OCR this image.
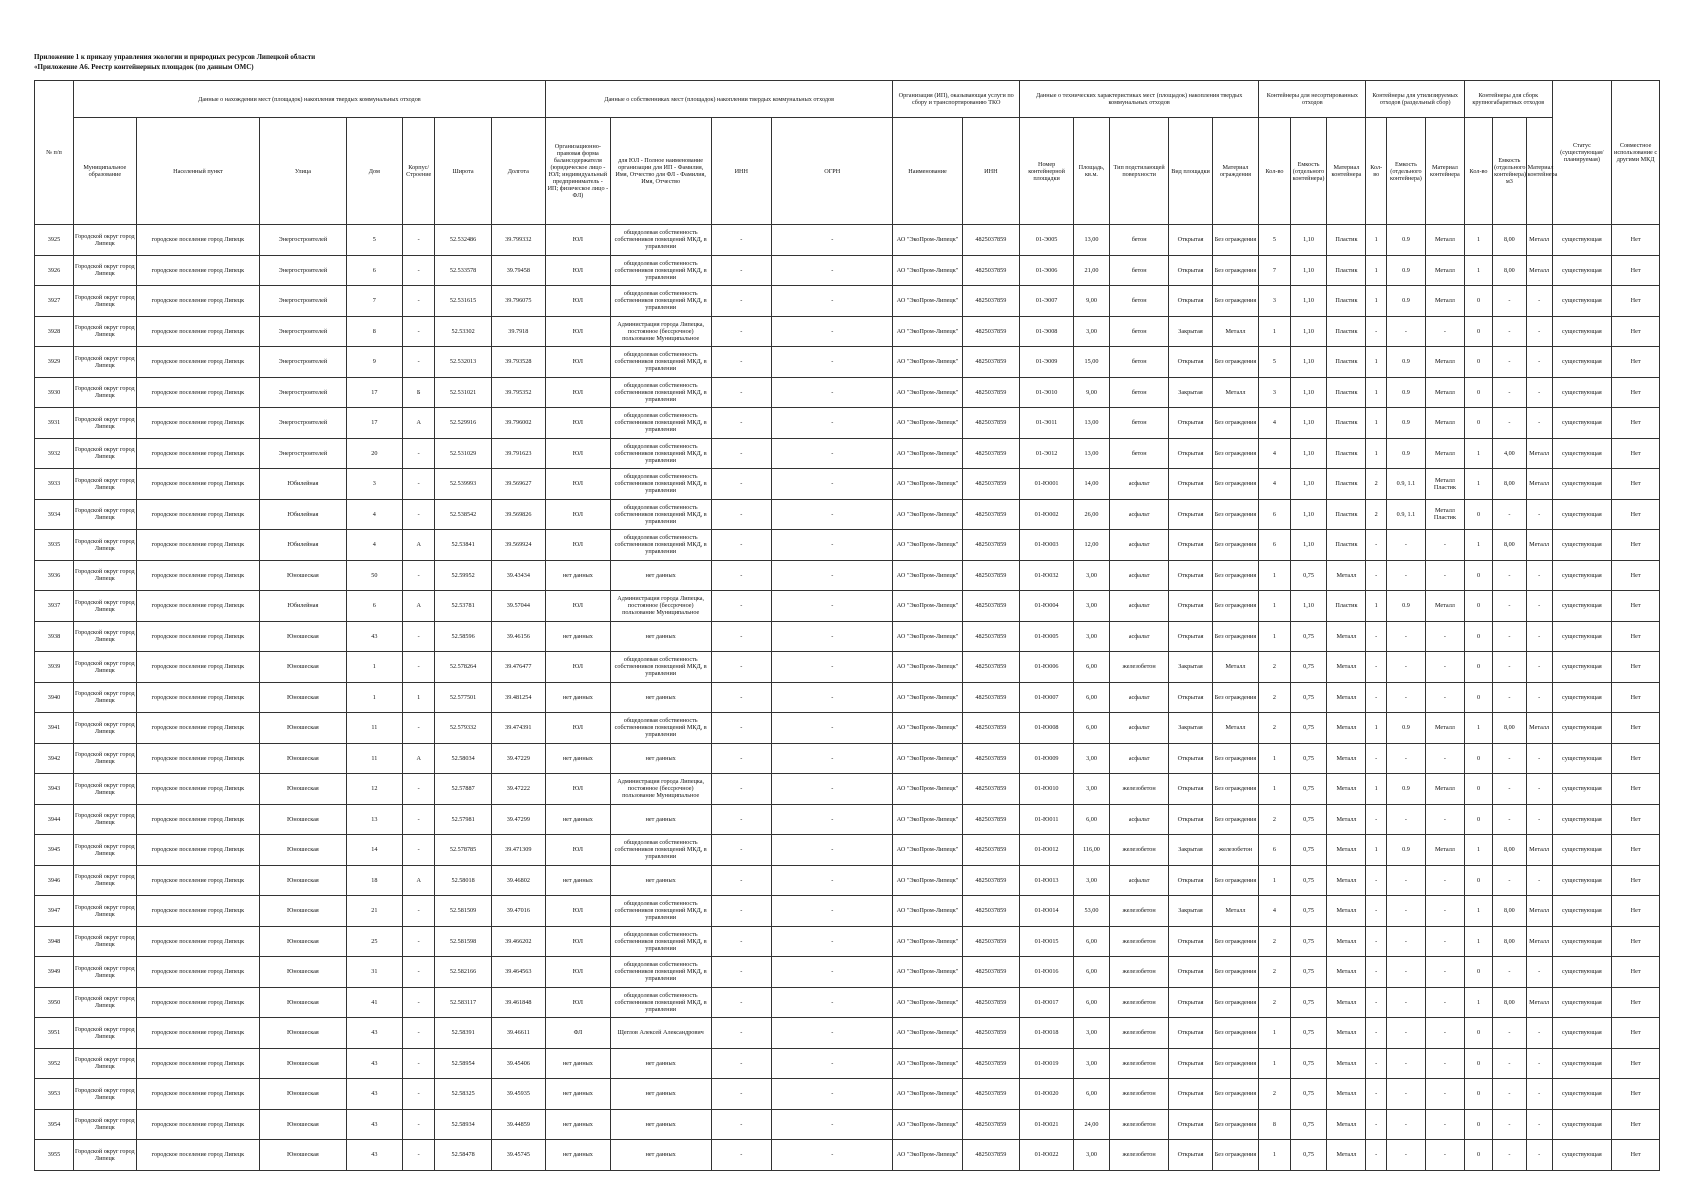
Приложение 1 к приказу управления экологии и природных ресурсов Липецкой области
«Приложение А6. Реестр контейнерных площадок (по данным ОМС)
№ п/п	Данные о нахождении мест (площадок) накопления твердых коммунальных отходов							Данные о собственниках мест (площадок) накоплении твердых коммунальных отходов				Организация (ИП), оказывающая услуги по сбору и транспортированию ТКО		Данные о технических характеристиках мест (площадок) накопления твердых коммунальных отходов					Контейнеры для несортированных отходов			Контейнеры для утилизируемых отходов (раздельный сбор)			Контейнеры для сборк крупногабаритных отходов			Статус (существующая/планируемая)	Совместное использование с другими МКД
	Муниципальное образование	Населенный пункт	Улица	Дом	Корпус/Строение	Широта	Долгота	Организационно-правовая форма балансодержателя (юридическое лицо - ЮЛ; индивидуальный предприниматель - ИП; физическое лицо - ФЛ)	для ЮЛ - Полное наименование организации для ИП - Фамилия, Имя, Отчество для ФЛ - Фамилия, Имя, Отчество	ИНН	ОГРН	Наименование	ИНН	Номер контейнерной площадки	Площадь, кв.м.	Тип подстилающей поверхности	Вид площадки	Материал ограждения	Кол-во	Емкость (отдельного контейнера)	Материал контейнера	Кол-во	Емкость (отдельного контейнера)	Материал контейнера	Кол-во	Емкость (отдельного контейнера) м3	Материал контейнера		

3925	Городской округ город Липецк	городское поселение город Липецк	Энергостроителей	5	-	52.532486	39.799332	ЮЛ	общедолевая собственность собственников помещений МКД, в управлении	-	-	АО "ЭкоПром-Липецк"	4825037859	01-Э005	13,00	бетон	Открытая	Без ограждения	5	1,10	Пластик	1	0.9	Металл	1	8,00	Металл	существующая	Нет

3926	Городской округ город Липецк	городское поселение город Липецк	Энергостроителей	6	-	52.533578	39.79458	ЮЛ	общедолевая собственность собственников помещений МКД, в управлении	-	-	АО "ЭкоПром-Липецк"	4825037859	01-Э006	21,00	бетон	Открытая	Без ограждения	7	1,10	Пластик	1	0.9	Металл	1	8,00	Металл	существующая	Нет

3927	Городской округ город Липецк	городское поселение город Липецк	Энергостроителей	7	-	52.531615	39.796075	ЮЛ	общедолевая собственность собственников помещений МКД, в управлении	-	-	АО "ЭкоПром-Липецк"	4825037859	01-Э007	9,00	бетон	Открытая	Без ограждения	3	1,10	Пластик	1	0.9	Металл	0	-	-	существующая	Нет

3928	Городской округ город Липецк	городское поселение город Липецк	Энергостроителей	8	-	52.53302	39.7918	ЮЛ	Администрация города Липецка, постоянное (бессрочное) пользование Муниципальное	-	-	АО "ЭкоПром-Липецк"	4825037859	01-Э008	3,00	бетон	Закрытая	Металл	1	1,10	Пластик	-	-	-	0	-	-	существующая	Нет

3929	Городской округ город Липецк	городское поселение город Липецк	Энергостроителей	9	-	52.532013	39.793528	ЮЛ	общедолевая собственность собственников помещений МКД, в управлении	-	-	АО "ЭкоПром-Липецк"	4825037859	01-Э009	15,00	бетон	Открытая	Без ограждения	5	1,10	Пластик	1	0.9	Металл	0	-	-	существующая	Нет

3930	Городской округ город Липецк	городское поселение город Липецк	Энергостроителей	17	Б	52.531021	39.795352	ЮЛ	общедолевая собственность собственников помещений МКД, в управлении	-	-	АО "ЭкоПром-Липецк"	4825037859	01-Э010	9,00	бетон	Закрытая	Металл	3	1,10	Пластик	1	0.9	Металл	0	-	-	существующая	Нет

3931	Городской округ город Липецк	городское поселение город Липецк	Энергостроителей	17	А	52.529916	39.796002	ЮЛ	общедолевая собственность собственников помещений МКД, в управлении	-	-	АО "ЭкоПром-Липецк"	4825037859	01-Э011	13,00	бетон	Открытая	Без ограждения	4	1,10	Пластик	1	0.9	Металл	0	-	-	существующая	Нет

3932	Городской округ город Липецк	городское поселение город Липецк	Энергостроителей	20	-	52.531029	39.791623	ЮЛ	общедолевая собственность собственников помещений МКД, в управлении	-	-	АО "ЭкоПром-Липецк"	4825037859	01-Э012	13,00	бетон	Открытая	Без ограждения	4	1,10	Пластик	1	0.9	Металл	1	4,00	Металл	существующая	Нет

3933	Городской округ город Липецк	городское поселение город Липецк	Юбилейная	3	-	52.539993	39.569627	ЮЛ	общедолевая собственность собственников помещений МКД, в управлении	-	-	АО "ЭкоПром-Липецк"	4825037859	01-Ю001	14,00	асфальт	Открытая	Без ограждения	4	1,10	Пластик	2	0.9, 1.1	Металл Пластик	1	8,00	Металл	существующая	Нет

3934	Городской округ город Липецк	городское поселение город Липецк	Юбилейная	4	-	52.538542	39.569826	ЮЛ	общедолевая собственность собственников помещений МКД, в управлении	-	-	АО "ЭкоПром-Липецк"	4825037859	01-Ю002	26,00	асфальт	Открытая	Без ограждения	6	1,10	Пластик	2	0.9, 1.1	Металл Пластик	0	-	-	существующая	Нет

3935	Городской округ город Липецк	городское поселение город Липецк	Юбилейная	4	А	52.53841	39.569924	ЮЛ	общедолевая собственность собственников помещений МКД, в управлении	-	-	АО "ЭкоПром-Липецк"	4825037859	01-Ю003	12,00	асфальт	Открытая	Без ограждения	6	1,10	Пластик	-	-	-	1	8,00	Металл	существующая	Нет

3936	Городской округ город Липецк	городское поселение город Липецк	Юношеская	50	-	52.59952	39.43434	нет данных	нет данных	-	-	АО "ЭкоПром-Липецк"	4825037859	01-Ю032	3,00	асфальт	Открытая	Без ограждения	1	0,75	Металл	-	-	-	0	-	-	существующая	Нет

3937	Городской округ город Липецк	городское поселение город Липецк	Юбилейная	6	А	52.53781	39.57044	ЮЛ	Администрация города Липецка, постоянное (бессрочное) пользование Муниципальное	-	-	АО "ЭкоПром-Липецк"	4825037859	01-Ю004	3,00	асфальт	Открытая	Без ограждения	1	1,10	Пластик	1	0.9	Металл	0	-	-	существующая	Нет

3938	Городской округ город Липецк	городское поселение город Липецк	Юношеская	43	-	52.58596	39.46156	нет данных	нет данных	-	-	АО "ЭкоПром-Липецк"	4825037859	01-Ю005	3,00	асфальт	Открытая	Без ограждения	1	0,75	Металл	-	-	-	0	-	-	существующая	Нет

3939	Городской округ город Липецк	городское поселение город Липецк	Юношеская	1	-	52.578264	39.476477	ЮЛ	общедолевая собственность собственников помещений МКД, в управлении	-	-	АО "ЭкоПром-Липецк"	4825037859	01-Ю006	6,00	железобетон	Закрытая	Металл	2	0,75	Металл	-	-	-	0	-	-	существующая	Нет

3940	Городской округ город Липецк	городское поселение город Липецк	Юношеская	1	1	52.577501	39.481254	нет данных	нет данных	-	-	АО "ЭкоПром-Липецк"	4825037859	01-Ю007	6,00	асфальт	Открытая	Без ограждения	2	0,75	Металл	-	-	-	0	-	-	существующая	Нет

3941	Городской округ город Липецк	городское поселение город Липецк	Юношеская	11	-	52.579332	39.474391	ЮЛ	общедолевая собственность собственников помещений МКД, в управлении	-	-	АО "ЭкоПром-Липецк"	4825037859	01-Ю008	6,00	асфальт	Закрытая	Металл	2	0,75	Металл	1	0.9	Металл	1	8,00	Металл	существующая	Нет

3942	Городской округ город Липецк	городское поселение город Липецк	Юношеская	11	А	52.58034	39.47229	нет данных	нет данных	-	-	АО "ЭкоПром-Липецк"	4825037859	01-Ю009	3,00	асфальт	Открытая	Без ограждения	1	0,75	Металл	-	-	-	0	-	-	существующая	Нет

3943	Городской округ город Липецк	городское поселение город Липецк	Юношеская	12	-	52.57887	39.47222	ЮЛ	Администрация города Липецка, постоянное (бессрочное) пользование Муниципальное	-	-	АО "ЭкоПром-Липецк"	4825037859	01-Ю010	3,00	железобетон	Открытая	Без ограждения	1	0,75	Металл	1	0.9	Металл	0	-	-	существующая	Нет

3944	Городской округ город Липецк	городское поселение город Липецк	Юношеская	13	-	52.57981	39.47299	нет данных	нет данных	-	-	АО "ЭкоПром-Липецк"	4825037859	01-Ю011	6,00	асфальт	Открытая	Без ограждения	2	0,75	Металл	-	-	-	0	-	-	существующая	Нет

3945	Городской округ город Липецк	городское поселение город Липецк	Юношеская	14	-	52.578785	39.471309	ЮЛ	общедолевая собственность собственников помещений МКД, в управлении	-	-	АО "ЭкоПром-Липецк"	4825037859	01-Ю012	116,00	железобетон	Закрытая	железобетон	6	0,75	Металл	1	0.9	Металл	1	8,00	Металл	существующая	Нет

3946	Городской округ город Липецк	городское поселение город Липецк	Юношеская	18	А	52.58018	39.46802	нет данных	нет данных	-	-	АО "ЭкоПром-Липецк"	4825037859	01-Ю013	3,00	асфальт	Открытая	Без ограждения	1	0,75	Металл	-	-	-	0	-	-	существующая	Нет

3947	Городской округ город Липецк	городское поселение город Липецк	Юношеская	21	-	52.581509	39.47016	ЮЛ	общедолевая собственность собственников помещений МКД, в управлении	-	-	АО "ЭкоПром-Липецк"	4825037859	01-Ю014	53,00	железобетон	Закрытая	Металл	4	0,75	Металл	-	-	-	1	8,00	Металл	существующая	Нет

3948	Городской округ город Липецк	городское поселение город Липецк	Юношеская	25	-	52.581598	39.466202	ЮЛ	общедолевая собственность собственников помещений МКД, в управлении	-	-	АО "ЭкоПром-Липецк"	4825037859	01-Ю015	6,00	железобетон	Открытая	Без ограждения	2	0,75	Металл	-	-	-	1	8,00	Металл	существующая	Нет

3949	Городской округ город Липецк	городское поселение город Липецк	Юношеская	31	-	52.582166	39.464563	ЮЛ	общедолевая собственность собственников помещений МКД, в управлении	-	-	АО "ЭкоПром-Липецк"	4825037859	01-Ю016	6,00	железобетон	Открытая	Без ограждения	2	0,75	Металл	-	-	-	0	-	-	существующая	Нет

3950	Городской округ город Липецк	городское поселение город Липецк	Юношеская	41	-	52.583117	39.461848	ЮЛ	общедолевая собственность собственников помещений МКД, в управлении	-	-	АО "ЭкоПром-Липецк"	4825037859	01-Ю017	6,00	железобетон	Открытая	Без ограждения	2	0,75	Металл	-	-	-	1	8,00	Металл	существующая	Нет

3951	Городской округ город Липецк	городское поселение город Липецк	Юношеская	43	-	52.58391	39.46611	ФЛ	Щеглов Алексей Александрович	-	-	АО "ЭкоПром-Липецк"	4825037859	01-Ю018	3,00	железобетон	Открытая	Без ограждения	1	0,75	Металл	-	-	-	0	-	-	существующая	Нет

3952	Городской округ город Липецк	городское поселение город Липецк	Юношеская	43	-	52.58954	39.45406	нет данных	нет данных	-	-	АО "ЭкоПром-Липецк"	4825037859	01-Ю019	3,00	железобетон	Открытая	Без ограждения	1	0,75	Металл	-	-	-	0	-	-	существующая	Нет

3953	Городской округ город Липецк	городское поселение город Липецк	Юношеская	43	-	52.58325	39.45935	нет данных	нет данных	-	-	АО "ЭкоПром-Липецк"	4825037859	01-Ю020	6,00	железобетон	Открытая	Без ограждения	2	0,75	Металл	-	-	-	0	-	-	существующая	Нет

3954	Городской округ город Липецк	городское поселение город Липецк	Юношеская	43	-	52.58934	39.44859	нет данных	нет данных	-	-	АО "ЭкоПром-Липецк"	4825037859	01-Ю021	24,00	железобетон	Открытая	Без ограждения	8	0,75	Металл	-	-	-	0	-	-	существующая	Нет

3955	Городской округ город Липецк	городское поселение город Липецк	Юношеская	43	-	52.58478	39.45745	нет данных	нет данных	-	-	АО "ЭкоПром-Липецк"	4825037859	01-Ю022	3,00	железобетон	Открытая	Без ограждения	1	0,75	Металл	-	-	-	0	-	-	существующая	Нет
